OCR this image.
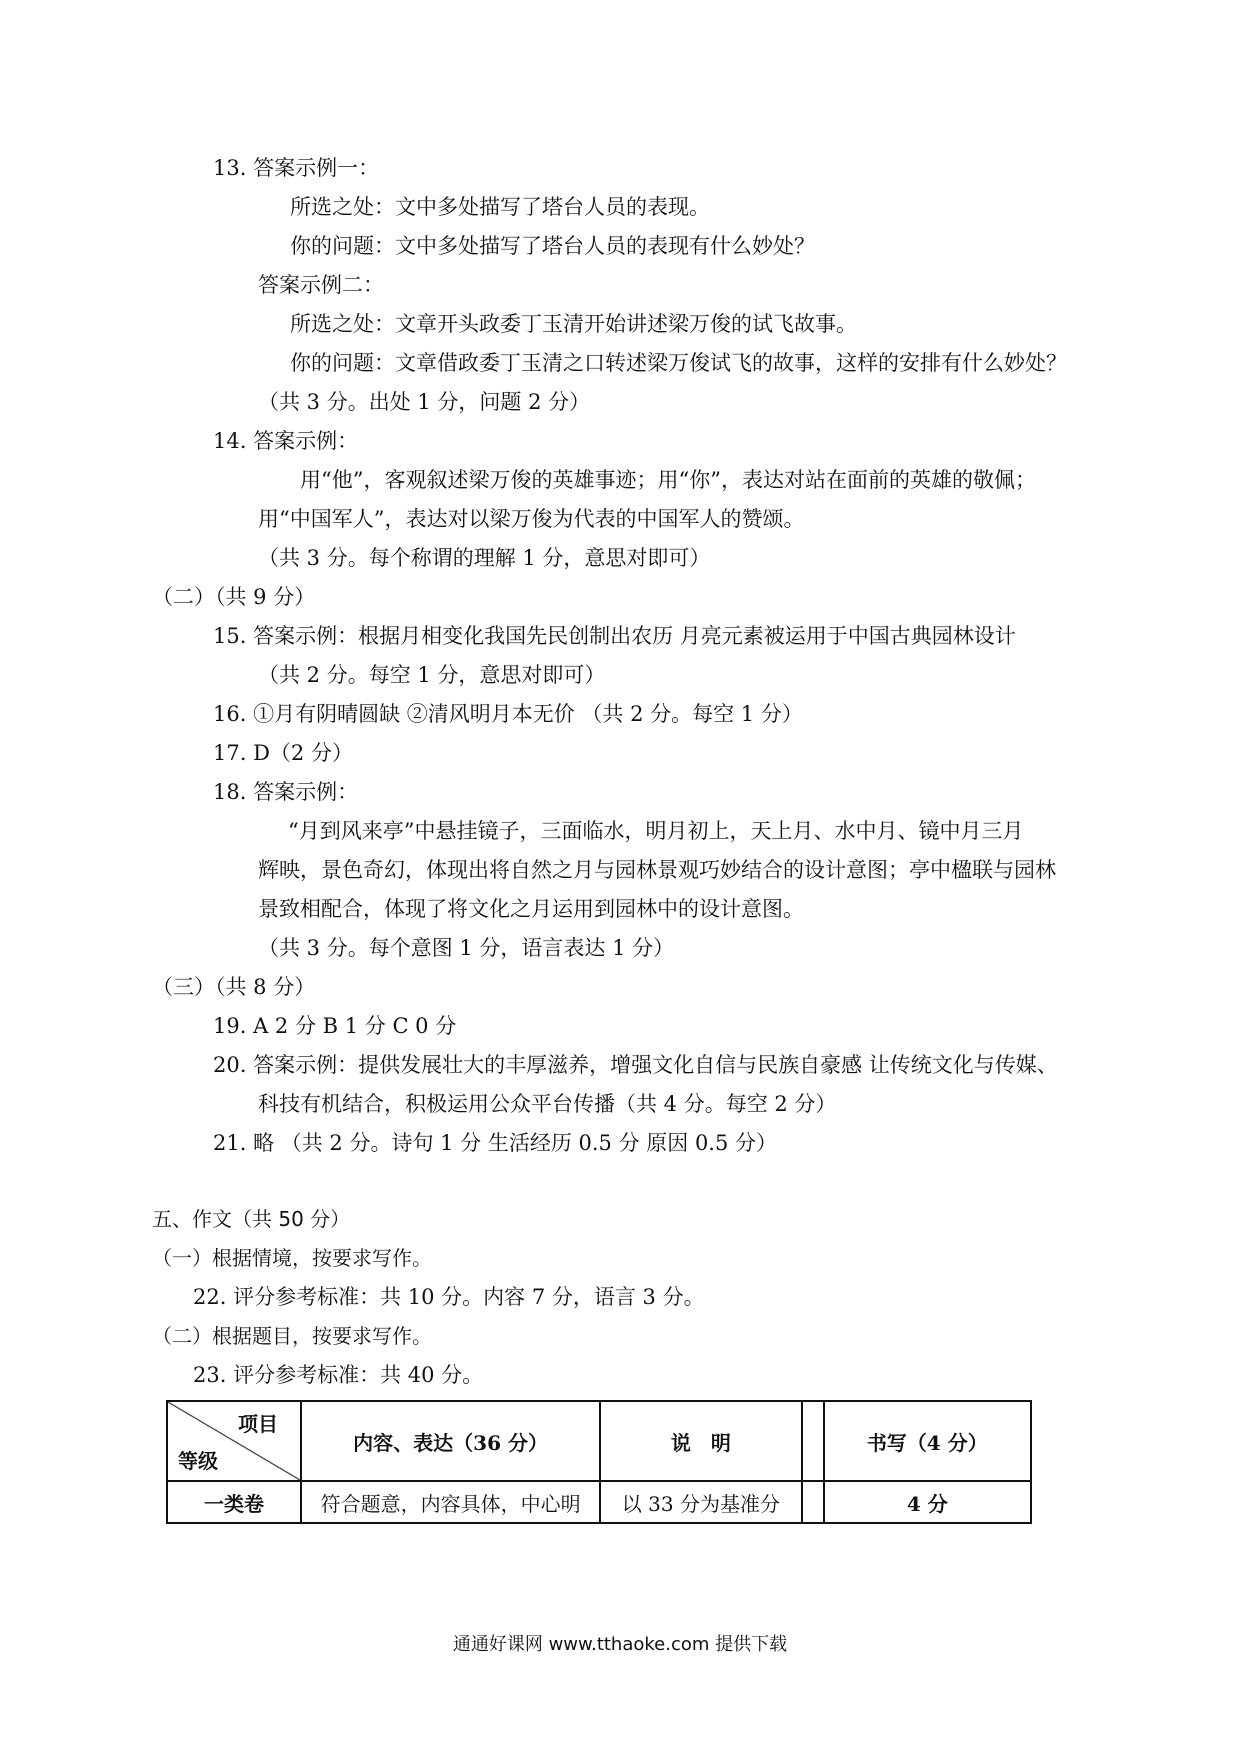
13. 答案示例一：
所选之处：文中多处描写了塔台人员的表现。
你的问题：文中多处描写了塔台人员的表现有什么妙处？
答案示例二：
所选之处：文章开头政委丁玉清开始讲述梁万俊的试飞故事。
你的问题：文章借政委丁玉清之口转述梁万俊试飞的故事，这样的安排有什么妙处？
（共 3 分。出处 1 分，问题 2 分）
14. 答案示例：
用“他”，客观叙述梁万俊的英雄事迹；用“你”，表达对站在面前的英雄的敬佩；
用“中国军人”，表达对以梁万俊为代表的中国军人的赞颂。
（共 3 分。每个称谓的理解 1 分，意思对即可）
（二）（共 9 分）
15. 答案示例：根据月相变化我国先民创制出农历 月亮元素被运用于中国古典园林设计
（共 2 分。每空 1 分，意思对即可）
16. ①月有阴晴圆缺 ②清风明月本无价 （共 2 分。每空 1 分）
17. D（2 分）
18. 答案示例：
“月到风来亭”中悬挂镜子，三面临水，明月初上，天上月、水中月、镜中月三月
辉映，景色奇幻，体现出将自然之月与园林景观巧妙结合的设计意图；亭中楹联与园林
景致相配合，体现了将文化之月运用到园林中的设计意图。
（共 3 分。每个意图 1 分，语言表达 1 分）
（三）（共 8 分）
19. A 2 分 B 1 分 C 0 分
20. 答案示例：提供发展壮大的丰厚滋养，增强文化自信与民族自豪感 让传统文化与传媒、
科技有机结合，积极运用公众平台传播（共 4 分。每空 2 分）
21. 略 （共 2 分。诗句 1 分 生活经历 0.5 分 原因 0.5 分）
五、作文（共 50 分）
（一）根据情境，按要求写作。
22. 评分参考标准：共 10 分。内容 7 分，语言 3 分。
（二）根据题目，按要求写作。
23. 评分参考标准：共 40 分。
项目
等级	内容、表达（36 分）	说　明		书写（4 分）
一类卷	符合题意，内容具体，中心明	以 33 分为基准分		4 分
通通好课网 www.tthaoke.com 提供下载
